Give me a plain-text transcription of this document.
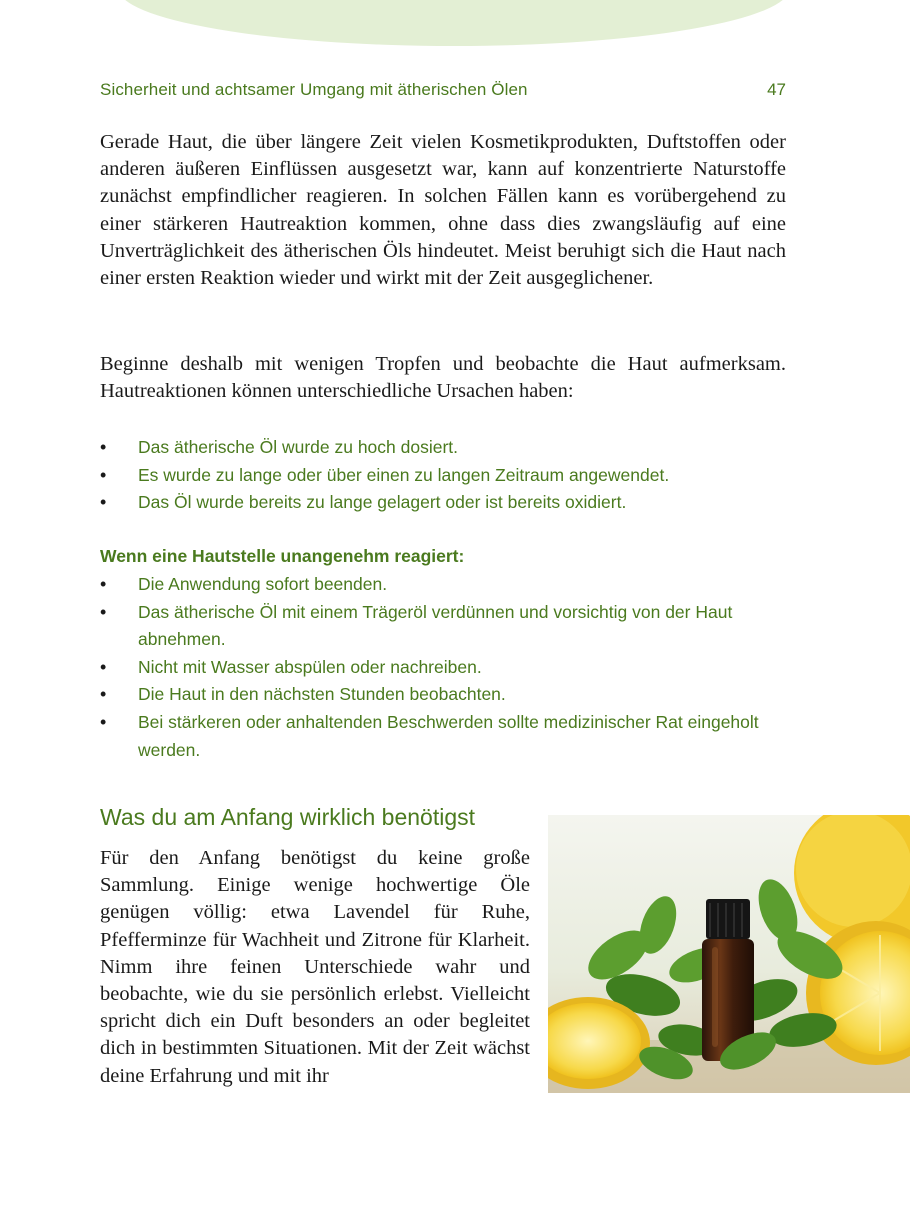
Sicherheit und achtsamer Umgang mit ätherischen Ölen	47

Gerade Haut, die über längere Zeit vielen Kosmetikprodukten, Duftstoffen oder anderen äußeren Einflüssen ausgesetzt war, kann auf konzentrierte Naturstoffe zunächst empfindlicher reagieren. In solchen Fällen kann es vorübergehend zu einer stärkeren Hautreaktion kommen, ohne dass dies zwangsläufig auf eine Unverträglichkeit des ätherischen Öls hindeutet. Meist beruhigt sich die Haut nach einer ersten Reaktion wieder und wirkt mit der Zeit ausgeglichener.

Beginne deshalb mit wenigen Tropfen und beobachte die Haut aufmerksam. Hautreaktionen können unterschiedliche Ursachen haben:

• Das ätherische Öl wurde zu hoch dosiert.
• Es wurde zu lange oder über einen zu langen Zeitraum angewendet.
• Das Öl wurde bereits zu lange gelagert oder ist bereits oxidiert.
Wenn eine Hautstelle unangenehm reagiert:
• Die Anwendung sofort beenden.
• Das ätherische Öl mit einem Trägeröl verdünnen und vorsichtig von der Haut abnehmen.
• Nicht mit Wasser abspülen oder nachreiben.
• Die Haut in den nächsten Stunden beobachten.
• Bei stärkeren oder anhaltenden Beschwerden sollte medizinischer Rat eingeholt werden.
Was du am Anfang wirklich benötigst

Für den Anfang benötigst du keine große Sammlung. Einige wenige hochwertige Öle genügen völlig: etwa Lavendel für Ruhe, Pfefferminze für Wachheit und Zitrone für Klarheit. Nimm ihre feinen Unterschiede wahr und beobachte, wie du sie persönlich erlebst. Vielleicht spricht dich ein Duft besonders an oder begleitet dich in bestimmten Situationen. Mit der Zeit wächst deine Erfahrung und mit ihr
